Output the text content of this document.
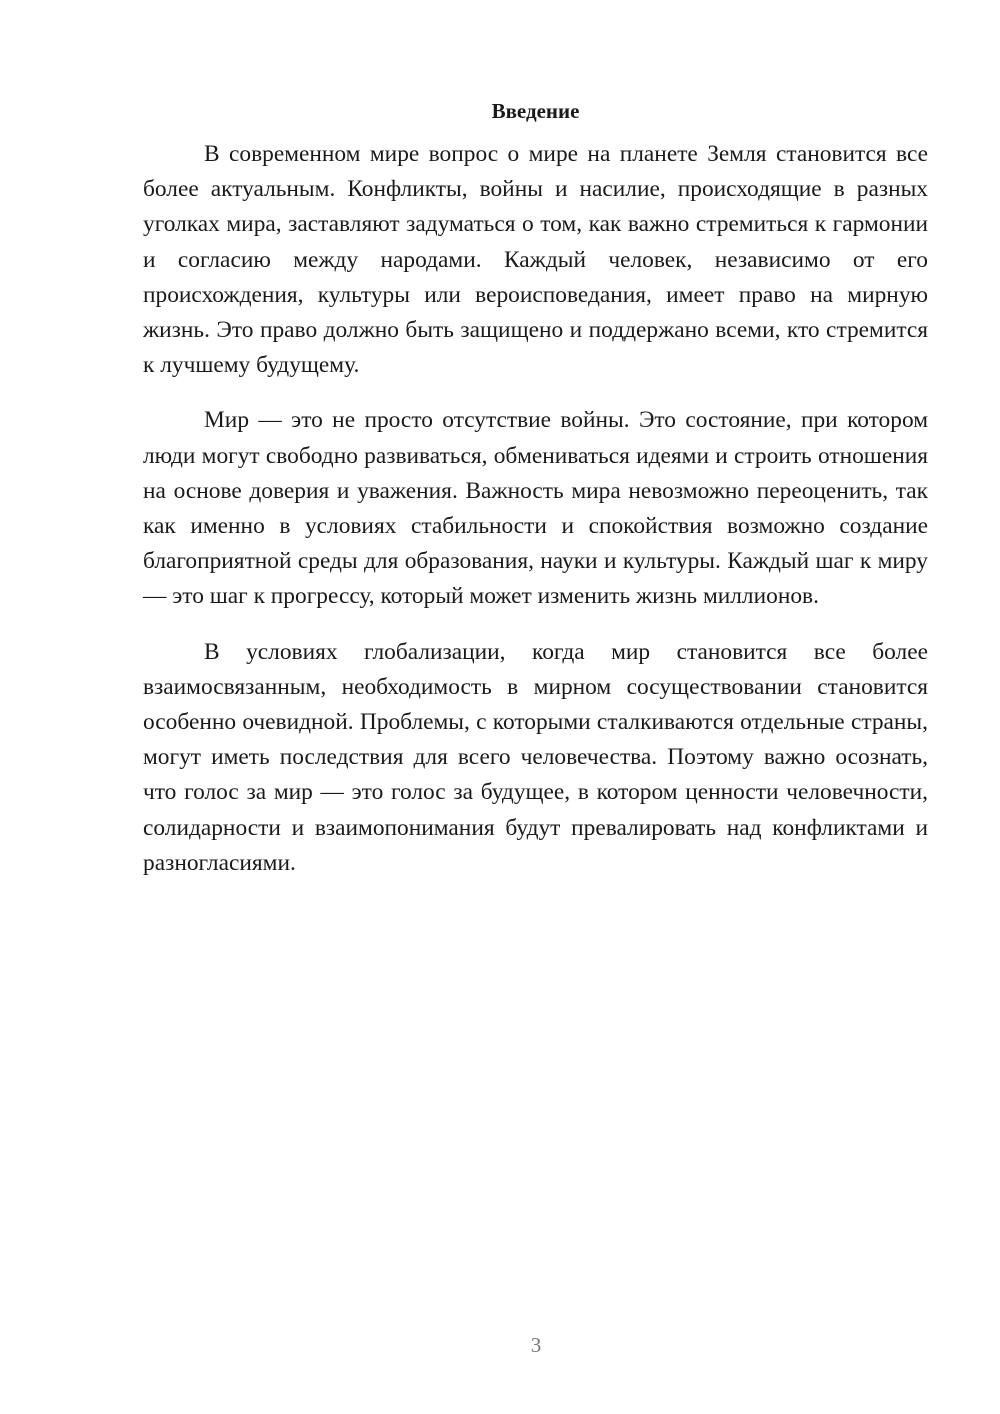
Введение

В современном мире вопрос о мире на планете Земля становится все более актуальным. Конфликты, войны и насилие, происходящие в разных уголках мира, заставляют задуматься о том, как важно стремиться к гармонии и согласию между народами. Каждый человек, независимо от его происхождения, культуры или вероисповедания, имеет право на мирную жизнь. Это право должно быть защищено и поддержано всеми, кто стремится к лучшему будущему.

Мир — это не просто отсутствие войны. Это состояние, при котором люди могут свободно развиваться, обмениваться идеями и строить отношения на основе доверия и уважения. Важность мира невозможно переоценить, так как именно в условиях стабильности и спокойствия возможно создание благоприятной среды для образования, науки и культуры. Каждый шаг к миру — это шаг к прогрессу, который может изменить жизнь миллионов.

В условиях глобализации, когда мир становится все более взаимосвязанным, необходимость в мирном сосуществовании становится особенно очевидной. Проблемы, с которыми сталкиваются отдельные страны, могут иметь последствия для всего человечества. Поэтому важно осознать, что голос за мир — это голос за будущее, в котором ценности человечности, солидарности и взаимопонимания будут превалировать над конфликтами и разногласиями.

3
